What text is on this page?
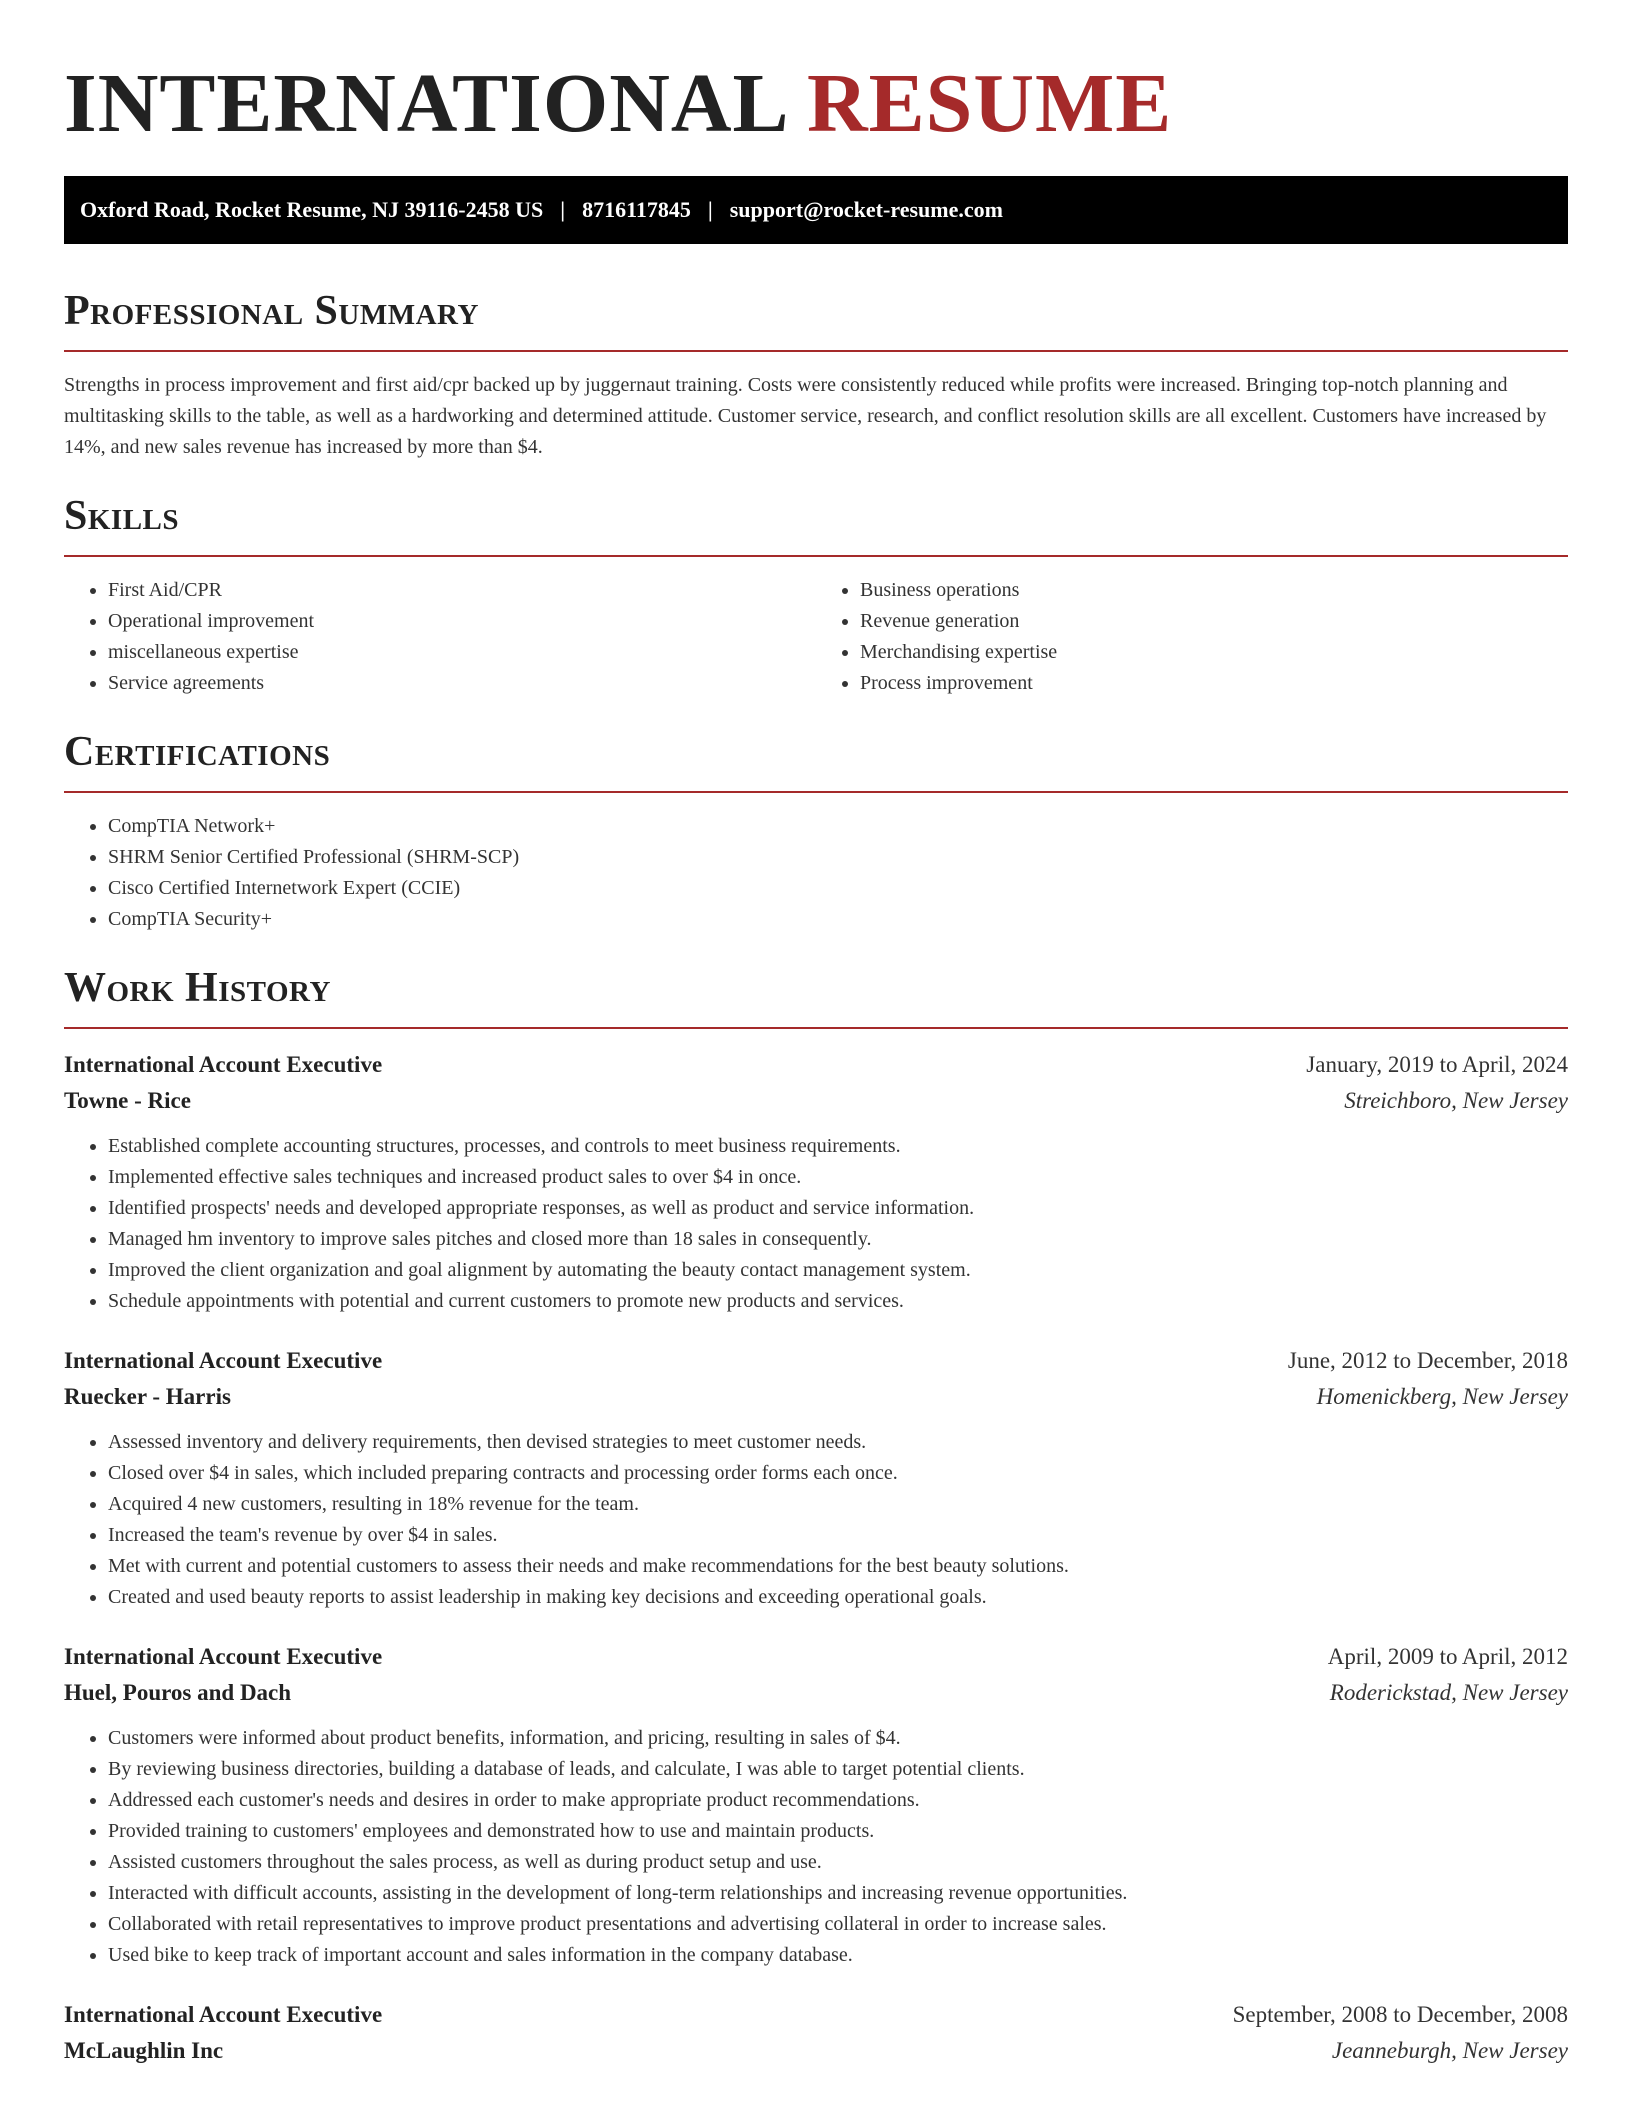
INTERNATIONAL RESUME
Oxford Road, Rocket Resume, NJ 39116-2458 US | 8716117845 | support@rocket-resume.com
Professional Summary

Strengths in process improvement and first aid/cpr backed up by juggernaut training. Costs were consistently reduced while profits were increased. Bringing top-notch planning and multitasking skills to the table, as well as a hardworking and determined attitude. Customer service, research, and conflict resolution skills are all excellent. Customers have increased by 14%, and new sales revenue has increased by more than $4.

Skills
• First Aid/CPR
• Operational improvement
• miscellaneous expertise
• Service agreements
• Business operations
• Revenue generation
• Merchandising expertise
• Process improvement
Certifications
• CompTIA Network+
• SHRM Senior Certified Professional (SHRM-SCP)
• Cisco Certified Internetwork Expert (CCIE)
• CompTIA Security+
Work History
International Account Executive	January, 2019 to April, 2024
Towne - Rice	Streichboro, New Jersey
• Established complete accounting structures, processes, and controls to meet business requirements.
• Implemented effective sales techniques and increased product sales to over $4 in once.
• Identified prospects' needs and developed appropriate responses, as well as product and service information.
• Managed hm inventory to improve sales pitches and closed more than 18 sales in consequently.
• Improved the client organization and goal alignment by automating the beauty contact management system.
• Schedule appointments with potential and current customers to promote new products and services.
International Account Executive	June, 2012 to December, 2018
Ruecker - Harris	Homenickberg, New Jersey
• Assessed inventory and delivery requirements, then devised strategies to meet customer needs.
• Closed over $4 in sales, which included preparing contracts and processing order forms each once.
• Acquired 4 new customers, resulting in 18% revenue for the team.
• Increased the team's revenue by over $4 in sales.
• Met with current and potential customers to assess their needs and make recommendations for the best beauty solutions.
• Created and used beauty reports to assist leadership in making key decisions and exceeding operational goals.
International Account Executive	April, 2009 to April, 2012
Huel, Pouros and Dach	Roderickstad, New Jersey
• Customers were informed about product benefits, information, and pricing, resulting in sales of $4.
• By reviewing business directories, building a database of leads, and calculate, I was able to target potential clients.
• Addressed each customer's needs and desires in order to make appropriate product recommendations.
• Provided training to customers' employees and demonstrated how to use and maintain products.
• Assisted customers throughout the sales process, as well as during product setup and use.
• Interacted with difficult accounts, assisting in the development of long-term relationships and increasing revenue opportunities.
• Collaborated with retail representatives to improve product presentations and advertising collateral in order to increase sales.
• Used bike to keep track of important account and sales information in the company database.
International Account Executive	September, 2008 to December, 2008
McLaughlin Inc	Jeanneburgh, New Jersey
